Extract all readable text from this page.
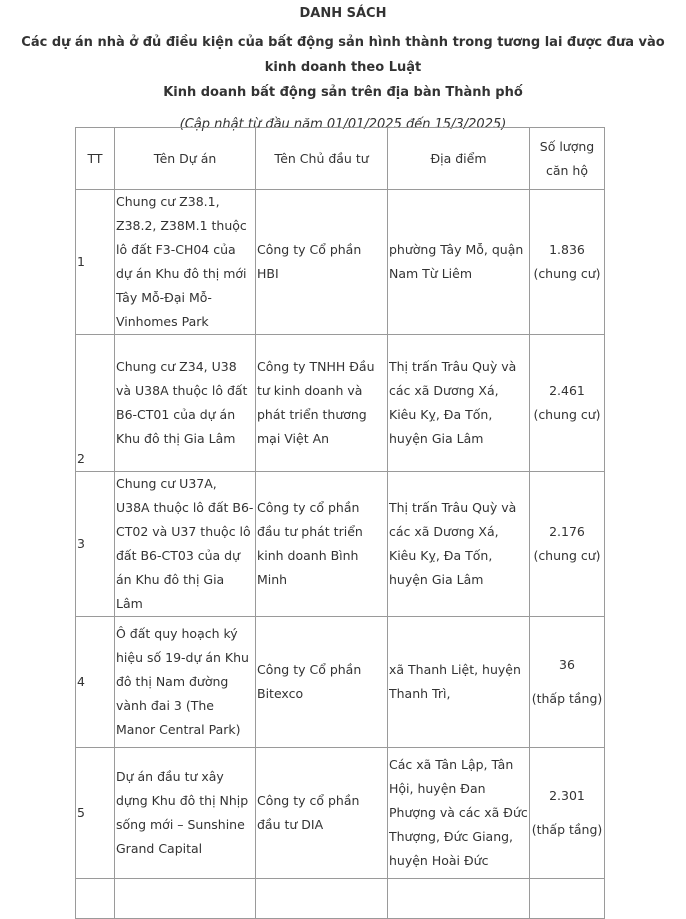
DANH SÁCH
Các dự án nhà ở đủ điều kiện của bất động sản hình thành trong tương lai được đưa vào kinh doanh theo Luật
Kinh doanh bất động sản trên địa bàn Thành phố
(Cập nhật từ đầu năm 01/01/2025 đến 15/3/2025)
TT	Tên Dự án	Tên Chủ đầu tư	Địa điểm	Số lượng căn hộ
1	Chung cư Z38.1, Z38.2, Z38M.1 thuộc lô đất F3-CH04 của dự án Khu đô thị mới Tây Mỗ-Đại Mỗ-Vinhomes Park	Công ty Cổ phần HBI	phường Tây Mỗ, quận Nam Từ Liêm	1.836
(chung cư)
2	Chung cư Z34, U38 và U38A thuộc lô đất B6-CT01 của dự án Khu đô thị Gia Lâm	Công ty TNHH Đầu tư kinh doanh và phát triển thương mại Việt An	Thị trấn Trâu Quỳ và các xã Dương Xá, Kiêu Kỵ, Đa Tốn, huyện Gia Lâm	2.461
(chung cư)
3	Chung cư U37A, U38A thuộc lô đất B6-CT02 và U37 thuộc lô đất B6-CT03 của dự án Khu đô thị Gia Lâm	Công ty cổ phần đầu tư phát triển kinh doanh Bình Minh	Thị trấn Trâu Quỳ và các xã Dương Xá, Kiêu Kỵ, Đa Tốn, huyện Gia Lâm	2.176
(chung cư)
4	Ô đất quy hoạch ký hiệu số 19-dự án Khu đô thị Nam đường vành đai 3 (The Manor Central Park)	Công ty Cổ phần Bitexco	xã Thanh Liệt, huyện Thanh Trì,	36
(thấp tầng)

5	Dự án đầu tư xây dựng Khu đô thị Nhịp sống mới – Sunshine Grand Capital	Công ty cổ phần đầu tư DIA	Các xã Tân Lập, Tân Hội, huyện Đan Phượng và các xã Đức Thượng, Đức Giang, huyện Hoài Đức	2.301
(thấp tầng)
